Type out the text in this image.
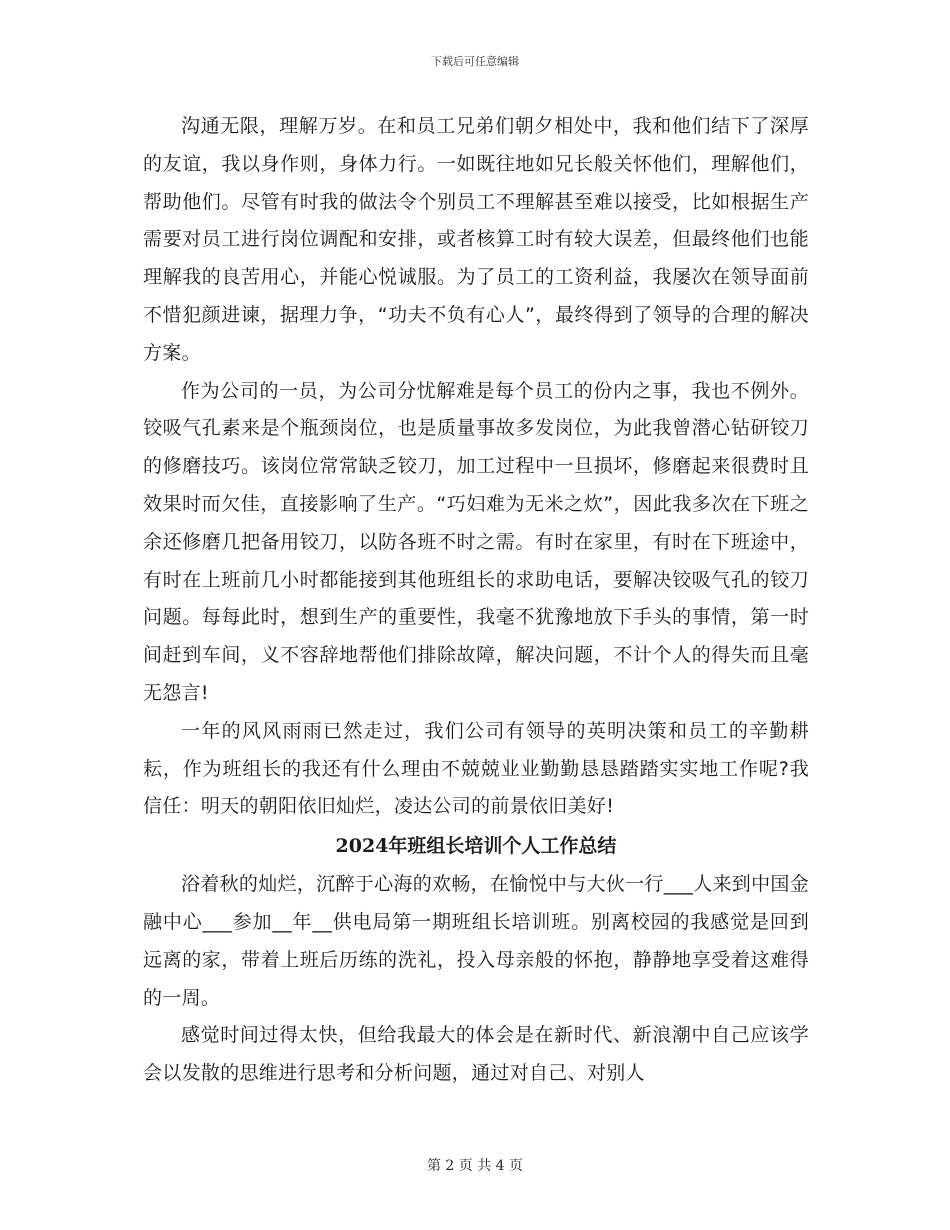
下载后可任意编辑

沟通无限，理解万岁。在和员工兄弟们朝夕相处中，我和他们结下了深厚的友谊，我以身作则，身体力行。一如既往地如兄长般关怀他们，理解他们，帮助他们。尽管有时我的做法令个别员工不理解甚至难以接受，比如根据生产需要对员工进行岗位调配和安排，或者核算工时有较大误差，但最终他们也能理解我的良苦用心，并能心悦诚服。为了员工的工资利益，我屡次在领导面前不惜犯颜进谏，据理力争，“功夫不负有心人”，最终得到了领导的合理的解决方案。

作为公司的一员，为公司分忧解难是每个员工的份内之事，我也不例外。铰吸气孔素来是个瓶颈岗位，也是质量事故多发岗位，为此我曾潜心钻研铰刀的修磨技巧。该岗位常常缺乏铰刀，加工过程中一旦损坏，修磨起来很费时且效果时而欠佳，直接影响了生产。“巧妇难为无米之炊”，因此我多次在下班之余还修磨几把备用铰刀，以防各班不时之需。有时在家里，有时在下班途中，有时在上班前几小时都能接到其他班组长的求助电话，要解决铰吸气孔的铰刀问题。每每此时，想到生产的重要性，我毫不犹豫地放下手头的事情，第一时间赶到车间，义不容辞地帮他们排除故障，解决问题，不计个人的得失而且毫无怨言!

一年的风风雨雨已然走过，我们公司有领导的英明决策和员工的辛勤耕耘，作为班组长的我还有什么理由不兢兢业业勤勤恳恳踏踏实实地工作呢?我信任：明天的朝阳依旧灿烂，凌达公司的前景依旧美好!

2024年班组长培训个人工作总结

浴着秋的灿烂，沉醉于心海的欢畅，在愉悦中与大伙一行___人来到中国金融中心___参加__年__供电局第一期班组长培训班。别离校园的我感觉是回到远离的家，带着上班后历练的洗礼，投入母亲般的怀抱，静静地享受着这难得的一周。

感觉时间过得太快，但给我最大的体会是在新时代、新浪潮中自己应该学会以发散的思维进行思考和分析问题，通过对自己、对别人

第 2 页 共 4 页
